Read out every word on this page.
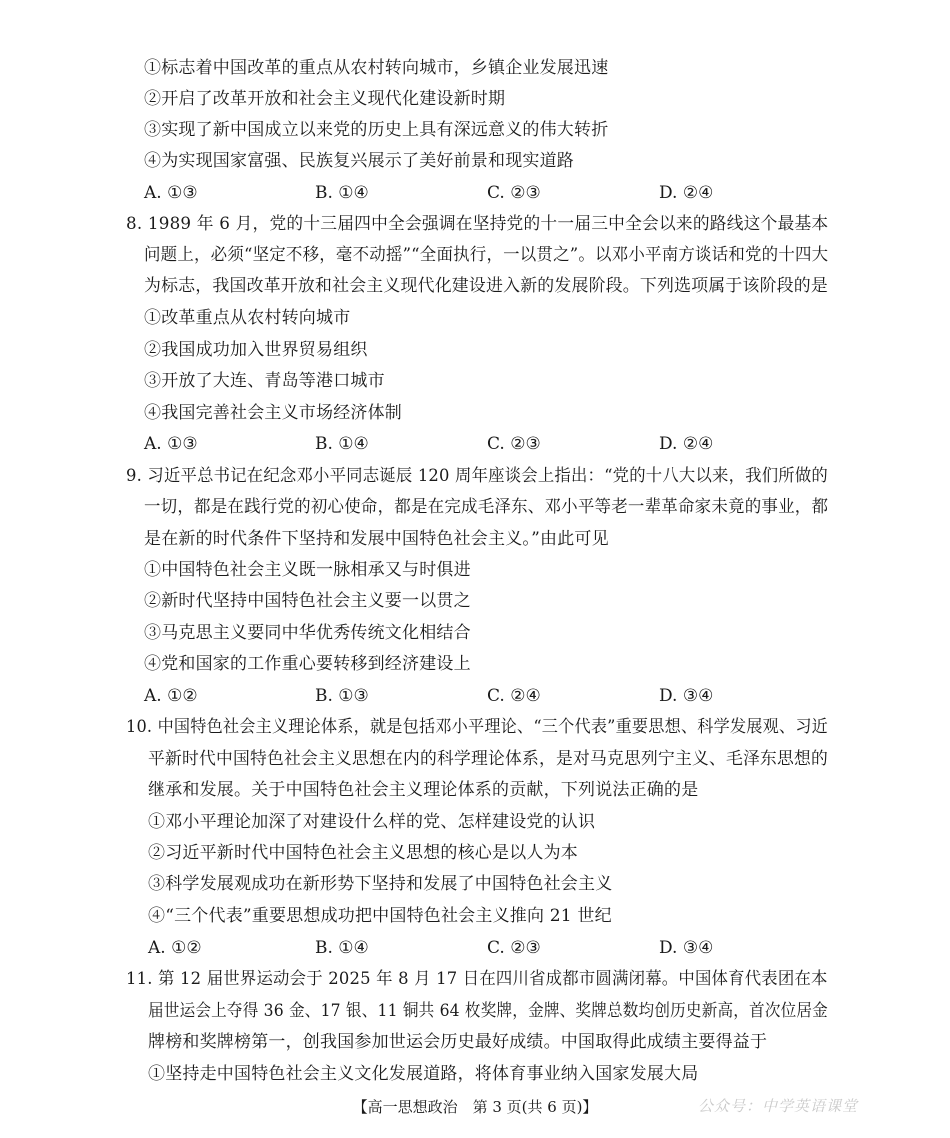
①标志着中国改革的重点从农村转向城市，乡镇企业发展迅速
②开启了改革开放和社会主义现代化建设新时期
③实现了新中国成立以来党的历史上具有深远意义的伟大转折
④为实现国家富强、民族复兴展示了美好前景和现实道路
A. ①③	B. ①④	C. ②③	D. ②④
8. 1989 年 6 月，党的十三届四中全会强调在坚持党的十一届三中全会以来的路线这个最基本
问题上，必须“坚定不移，毫不动摇”“全面执行，一以贯之”。以邓小平南方谈话和党的十四大
为标志，我国改革开放和社会主义现代化建设进入新的发展阶段。下列选项属于该阶段的是
①改革重点从农村转向城市
②我国成功加入世界贸易组织
③开放了大连、青岛等港口城市
④我国完善社会主义市场经济体制
A. ①③	B. ①④	C. ②③	D. ②④
9. 习近平总书记在纪念邓小平同志诞辰 120 周年座谈会上指出：“党的十八大以来，我们所做的
一切，都是在践行党的初心使命，都是在完成毛泽东、邓小平等老一辈革命家未竟的事业，都
是在新的时代条件下坚持和发展中国特色社会主义。”由此可见
①中国特色社会主义既一脉相承又与时俱进
②新时代坚持中国特色社会主义要一以贯之
③马克思主义要同中华优秀传统文化相结合
④党和国家的工作重心要转移到经济建设上
A. ①②	B. ①③	C. ②④	D. ③④
10. 中国特色社会主义理论体系，就是包括邓小平理论、“三个代表”重要思想、科学发展观、习近
平新时代中国特色社会主义思想在内的科学理论体系，是对马克思列宁主义、毛泽东思想的
继承和发展。关于中国特色社会主义理论体系的贡献，下列说法正确的是
①邓小平理论加深了对建设什么样的党、怎样建设党的认识
②习近平新时代中国特色社会主义思想的核心是以人为本
③科学发展观成功在新形势下坚持和发展了中国特色社会主义
④“三个代表”重要思想成功把中国特色社会主义推向 21 世纪
A. ①②	B. ①④	C. ②③	D. ③④
11. 第 12 届世界运动会于 2025 年 8 月 17 日在四川省成都市圆满闭幕。中国体育代表团在本
届世运会上夺得 36 金、17 银、11 铜共 64 枚奖牌，金牌、奖牌总数均创历史新高，首次位居金
牌榜和奖牌榜第一，创我国参加世运会历史最好成绩。中国取得此成绩主要得益于
①坚持走中国特色社会主义文化发展道路，将体育事业纳入国家发展大局
【高一思想政治　第 3 页(共 6 页)】	公众号：中学英语课堂
